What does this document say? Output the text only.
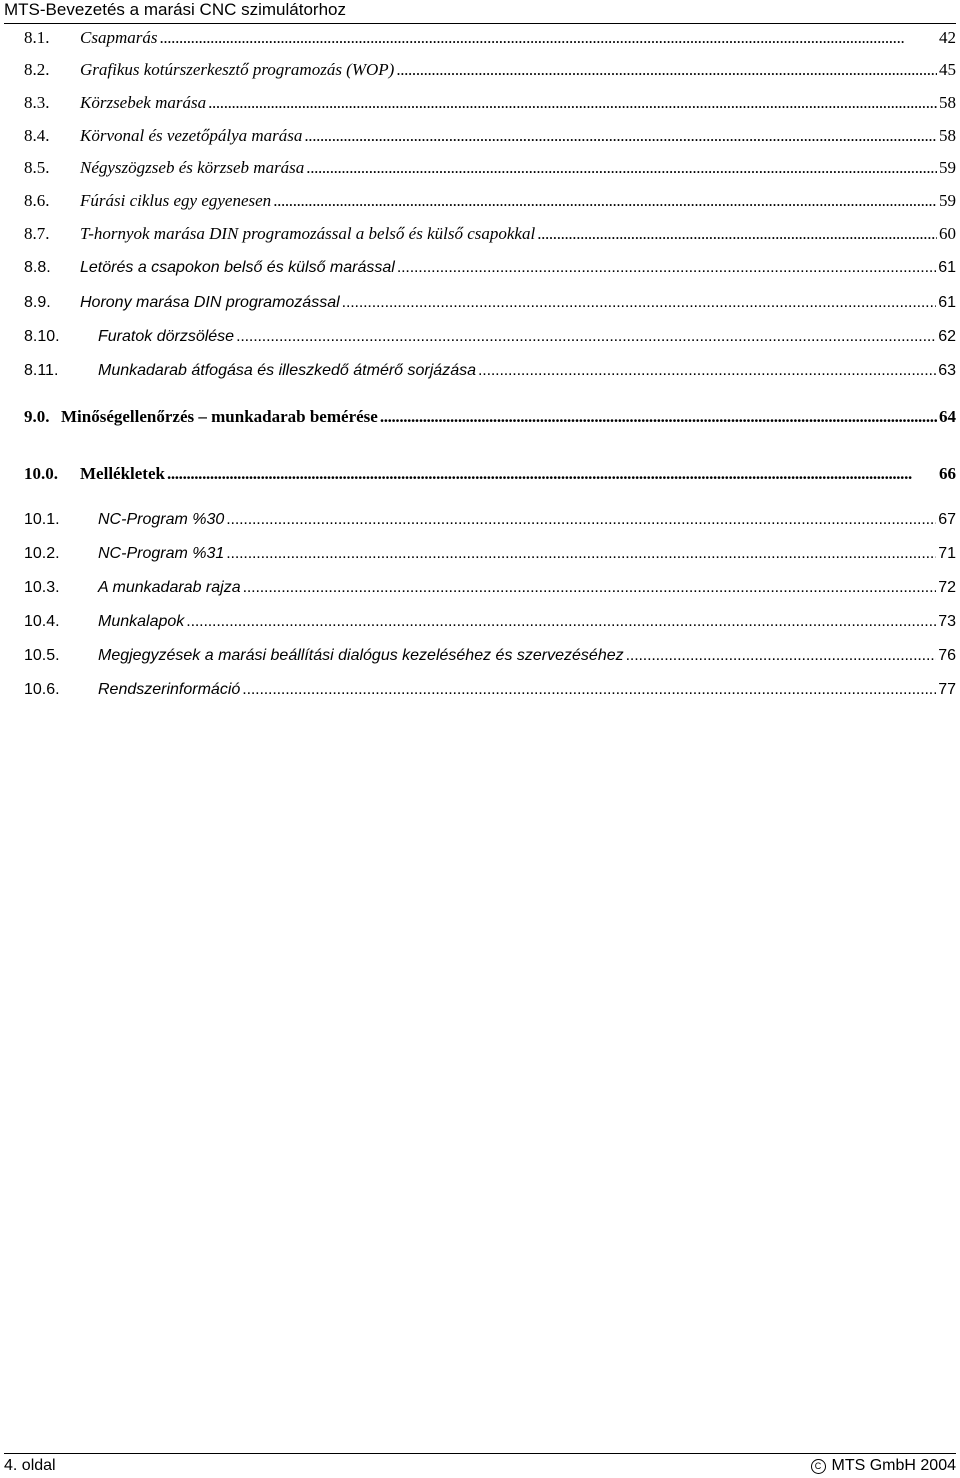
MTS-Bevezetés a marási CNC szimulátorhoz
8.1.	Csapmarás . . .	42
8.2.	Grafikus kotúrszerkesztő programozás (WOP) . . .	45
8.3.	Körzsebek marása . . .	58
8.4.	Körvonal és vezetőpálya marása . . .	58
8.5.	Négyszögzseb és körzseb marása . . .	59
8.6.	Fúrási ciklus egy egyenesen . . .	59
8.7.	T-hornyok marása DIN programozással a belső és külső csapokkal . . .	60
8.8.	Letörés a csapokon belső és külső marással . . .	61
8.9.	Horony marása DIN programozással . . .	61
8.10.	Furatok dörzsölése . . .	62
8.11.	Munkadarab átfogása és illeszkedő átmérő sorjázása . . .	63
9.0. Minőségellenőrzés – munkadarab bemérése . . .	64
10.0.	Mellékletek . . .	66
10.1.	NC-Program %30 . . .	67
10.2.	NC-Program %31 . . .	71
10.3.	A munkadarab rajza . . .	72
10.4.	Munkalapok . . .	73
10.5.	Megjegyzések a marási beállítási dialógus kezeléséhez és szervezéséhez . . .	76
10.6.	Rendszerinformáció . . .	77
4. oldal	C MTS GmbH 2004
